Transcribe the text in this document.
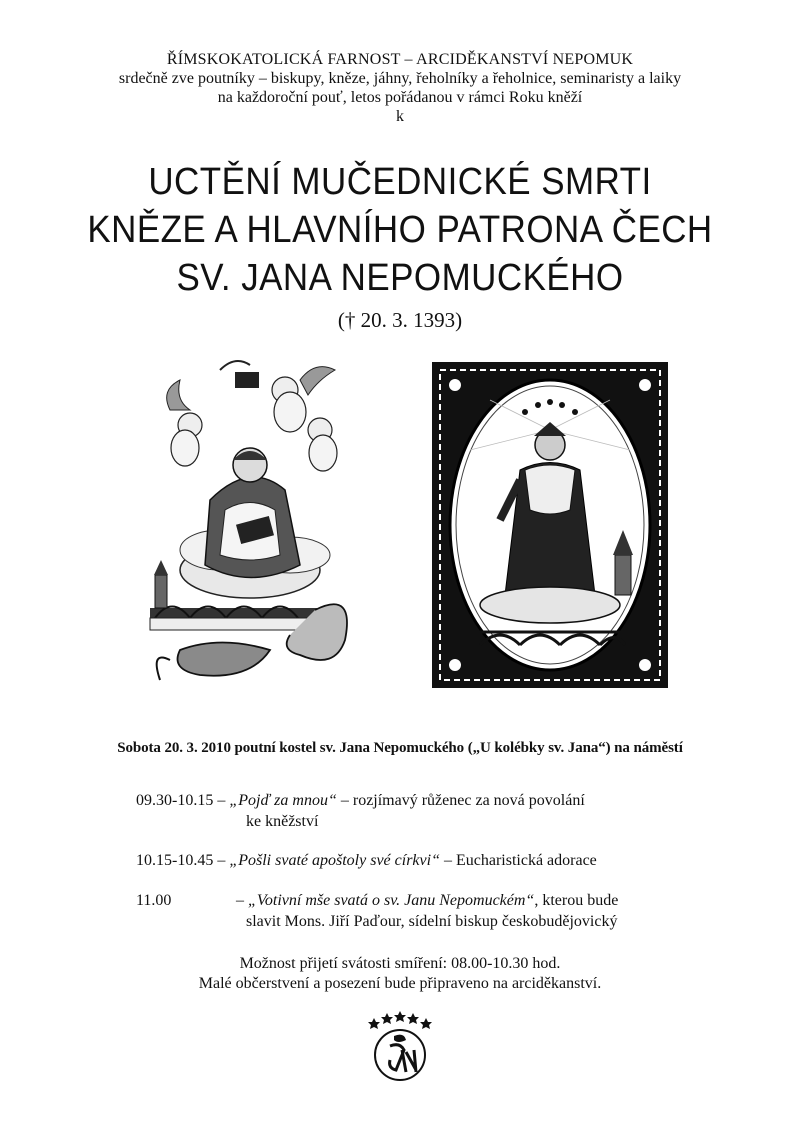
ŘÍMSKOKATOLICKÁ FARNOST – ARCIDĚKANSTVÍ NEPOMUK
srdečně zve poutníky – biskupy, kněze, jáhny, řeholníky a řeholnice, seminaristy a laiky
na každoroční pouť, letos pořádanou v rámci Roku kněží
k
UCTĚNÍ MUČEDNICKÉ SMRTI
KNĚZE A HLAVNÍHO PATRONA ČECH
SV. JANA NEPOMUCKÉHO
(† 20. 3. 1393)
Sobota 20. 3. 2010 poutní kostel sv. Jana Nepomuckého („U kolébky sv. Jana“) na náměstí
09.30-10.15 – „Pojď za mnou“ – rozjímavý růženec za nová povolání
ke kněžství
10.15-10.45 – „Pošli svaté apoštoly své církvi“ – Eucharistická adorace
11.00	– „Votivní mše svatá o sv. Janu Nepomuckém“, kterou bude
slavit Mons. Jiří Paďour, sídelní biskup českobudějovický
Možnost přijetí svátosti smíření: 08.00-10.30 hod.
Malé občerstvení a posezení bude připraveno na arciděkanství.
